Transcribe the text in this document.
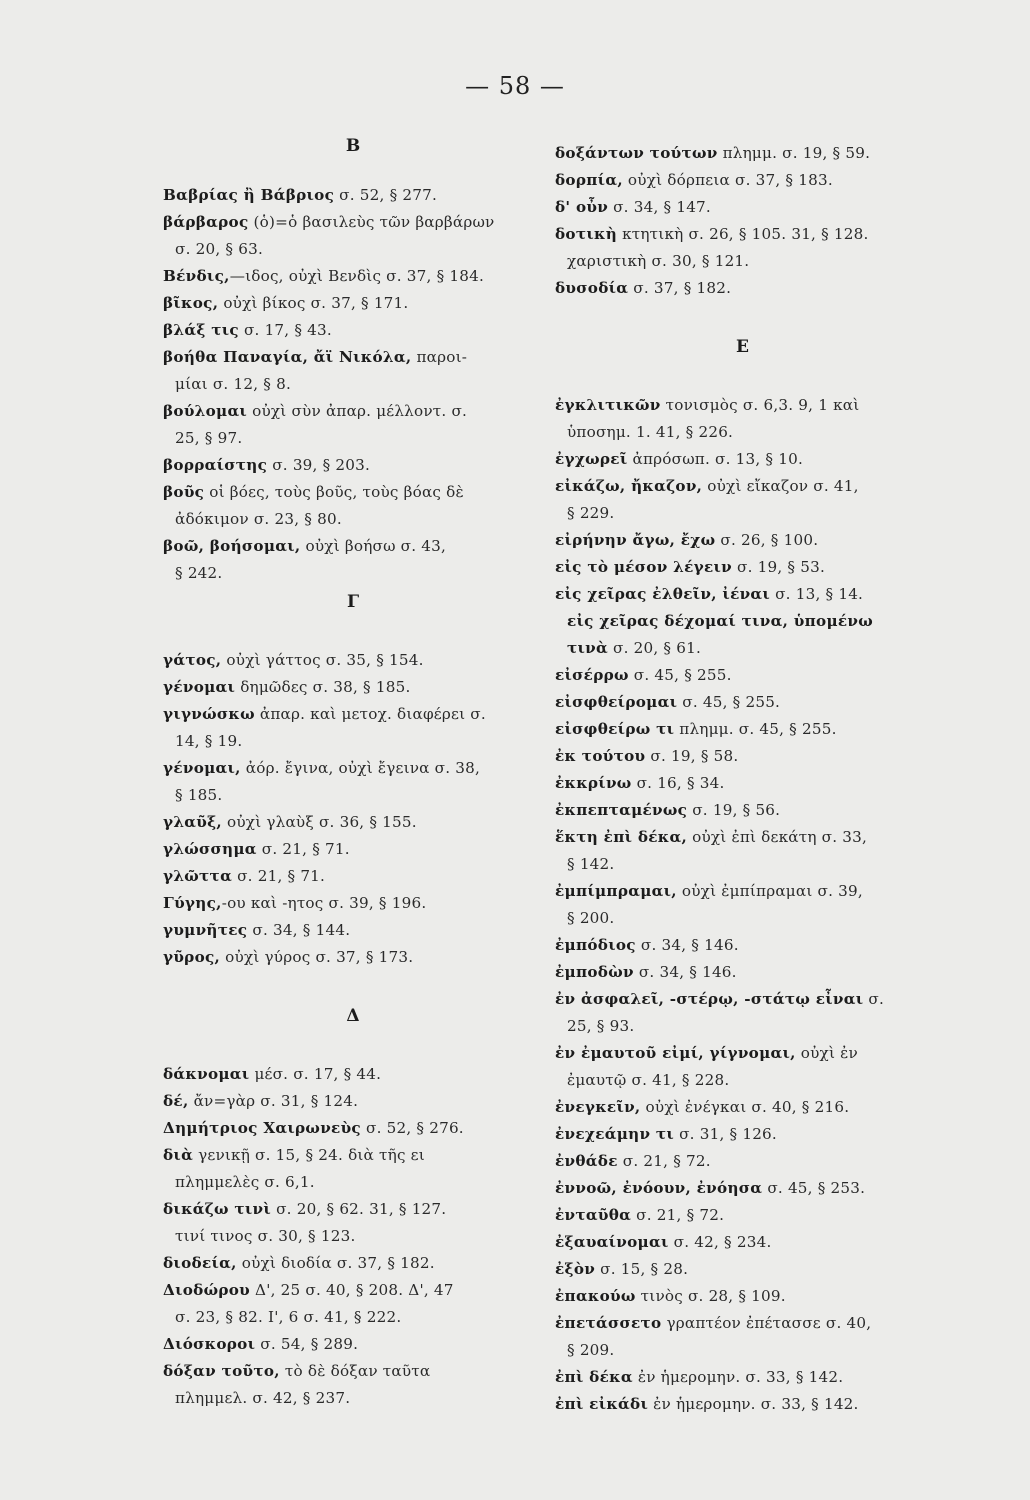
— 58 —
Β
Βαβρίας ἢ Βάβριος σ. 52, § 277.
βάρβαρος (ὁ)=ὁ βασιλεὺς τῶν βαρβάρων
σ. 20, § 63.
Βένδις,—ιδος, οὐχὶ Βενδὶς σ. 37, § 184.
βῖκος, οὐχὶ βίκος σ. 37, § 171.
βλάξ τις σ. 17, § 43.
βοήθα Παναγία, ἄϊ Νικόλα, παροι-
μίαι σ. 12, § 8.
βούλομαι οὐχὶ σὺν ἀπαρ. μέλλοντ. σ.
25, § 97.
βορραίστης σ. 39, § 203.
βοῦς οἱ βόες, τοὺς βοῦς, τοὺς βόας δὲ
ἀδόκιμον σ. 23, § 80.
βοῶ, βοήσομαι, οὐχὶ βοήσω σ. 43,
§ 242.
Γ
γάτος, οὐχὶ γάττος σ. 35, § 154.
γένομαι δημῶδες σ. 38, § 185.
γιγνώσκω ἀπαρ. καὶ μετοχ. διαφέρει σ.
14, § 19.
γένομαι, ἀόρ. ἔγινα, οὐχὶ ἔγεινα σ. 38,
§ 185.
γλαῦξ, οὐχὶ γλαὺξ σ. 36, § 155.
γλώσσημα σ. 21, § 71.
γλῶττα σ. 21, § 71.
Γύγης,-ου καὶ -ητος σ. 39, § 196.
γυμνῆτες σ. 34, § 144.
γῦρος, οὐχὶ γύρος σ. 37, § 173.
Δ
δάκνομαι μέσ. σ. 17, § 44.
δέ, ἄν=γὰρ σ. 31, § 124.
Δημήτριος Χαιρωνεὺς σ. 52, § 276.
διὰ γενικῇ σ. 15, § 24. διὰ τῆς ει
πλημμελὲς σ. 6,1.
δικάζω τινὶ σ. 20, § 62. 31, § 127.
τινί τινος σ. 30, § 123.
διοδεία, οὐχὶ διοδία σ. 37, § 182.
Διοδώρου Δ', 25 σ. 40, § 208. Δ', 47
σ. 23, § 82. Ι', 6 σ. 41, § 222.
Διόσκοροι σ. 54, § 289.
δόξαν τοῦτο, τὸ δὲ δόξαν ταῦτα
πλημμελ. σ. 42, § 237.
δοξάντων τούτων πλημμ. σ. 19, § 59.
δορπία, οὐχὶ δόρπεια σ. 37, § 183.
δ' οὖν σ. 34, § 147.
δοτικὴ κτητικὴ σ. 26, § 105. 31, § 128.
χαριστικὴ σ. 30, § 121.
δυσοδία σ. 37, § 182.
Ε
ἐγκλιτικῶν τονισμὸς σ. 6,3. 9, 1 καὶ
ὑποσημ. 1. 41, § 226.
ἐγχωρεῖ ἀπρόσωπ. σ. 13, § 10.
εἰκάζω, ἤκαζον, οὐχὶ εἴκαζον σ. 41,
§ 229.
εἰρήνην ἄγω, ἔχω σ. 26, § 100.
εἰς τὸ μέσον λέγειν σ. 19, § 53.
εἰς χεῖρας ἐλθεῖν, ἰέναι σ. 13, § 14.
εἰς χεῖρας δέχομαί τινα, ὑπομένω
τινὰ σ. 20, § 61.
εἰσέρρω σ. 45, § 255.
εἰσφθείρομαι σ. 45, § 255.
εἰσφθείρω τι πλημμ. σ. 45, § 255.
ἐκ τούτου σ. 19, § 58.
ἐκκρίνω σ. 16, § 34.
ἐκπεπταμένως σ. 19, § 56.
ἕκτη ἐπὶ δέκα, οὐχὶ ἐπὶ δεκάτη σ. 33,
§ 142.
ἐμπίμπραμαι, οὐχὶ ἐμπίπραμαι σ. 39,
§ 200.
ἐμπόδιος σ. 34, § 146.
ἐμποδὼν σ. 34, § 146.
ἐν ἀσφαλεῖ, -στέρῳ, -στάτῳ εἶναι σ.
25, § 93.
ἐν ἐμαυτοῦ εἰμί, γίγνομαι, οὐχὶ ἐν
ἐμαυτῷ σ. 41, § 228.
ἐνεγκεῖν, οὐχὶ ἐνέγκαι σ. 40, § 216.
ἐνεχεάμην τι σ. 31, § 126.
ἐνθάδε σ. 21, § 72.
ἐννοῶ, ἐνόουν, ἐνόησα σ. 45, § 253.
ἐνταῦθα σ. 21, § 72.
ἐξαυαίνομαι σ. 42, § 234.
ἐξὸν σ. 15, § 28.
ἐπακούω τινὸς σ. 28, § 109.
ἐπετάσσετο γραπτέον ἐπέτασσε σ. 40,
§ 209.
ἐπὶ δέκα ἐν ἡμερομην. σ. 33, § 142.
ἐπὶ εἰκάδι ἐν ἡμερομην. σ. 33, § 142.
